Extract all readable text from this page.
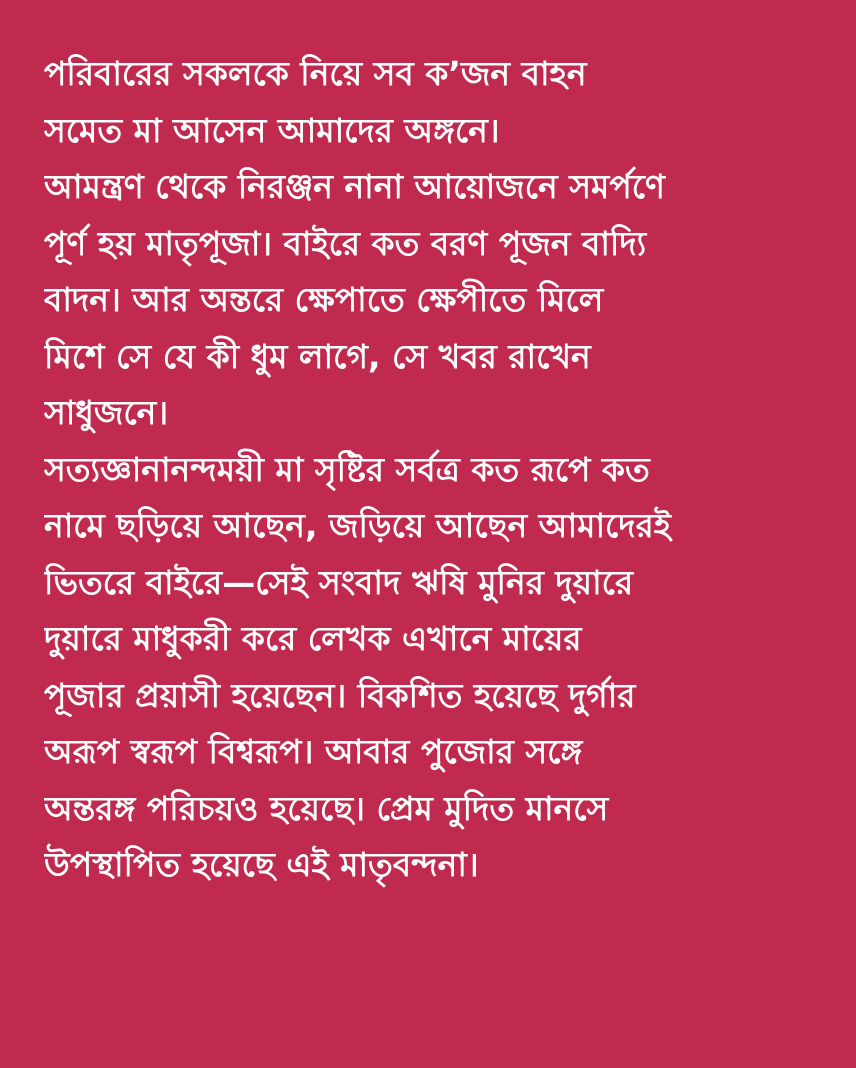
পরিবারের সকলকে নিয়ে সব ক’জন বাহন
সমেত মা আসেন আমাদের অঙ্গনে।
আমন্ত্রণ থেকে নিরঞ্জন নানা আয়োজনে সমর্পণে
পূর্ণ হয় মাতৃপূজা। বাইরে কত বরণ পূজন বাদ্যি
বাদন। আর অন্তরে ক্ষেপাতে ক্ষেপীতে মিলে
মিশে সে যে কী ধুম লাগে, সে খবর রাখেন
সাধুজনে।
সত্যজ্ঞানানন্দময়ী মা সৃষ্টির সর্বত্র কত রূপে কত
নামে ছড়িয়ে আছেন, জড়িয়ে আছেন আমাদেরই
ভিতরে বাইরে—সেই সংবাদ ঋষি মুনির দুয়ারে
দুয়ারে মাধুকরী করে লেখক এখানে মায়ের
পূজার প্রয়াসী হয়েছেন। বিকশিত হয়েছে দুর্গার
অরূপ স্বরূপ বিশ্বরূপ। আবার পুজোর সঙ্গে
অন্তরঙ্গ পরিচয়ও হয়েছে। প্রেম মুদিত মানসে
উপস্থাপিত হয়েছে এই মাতৃবন্দনা।
